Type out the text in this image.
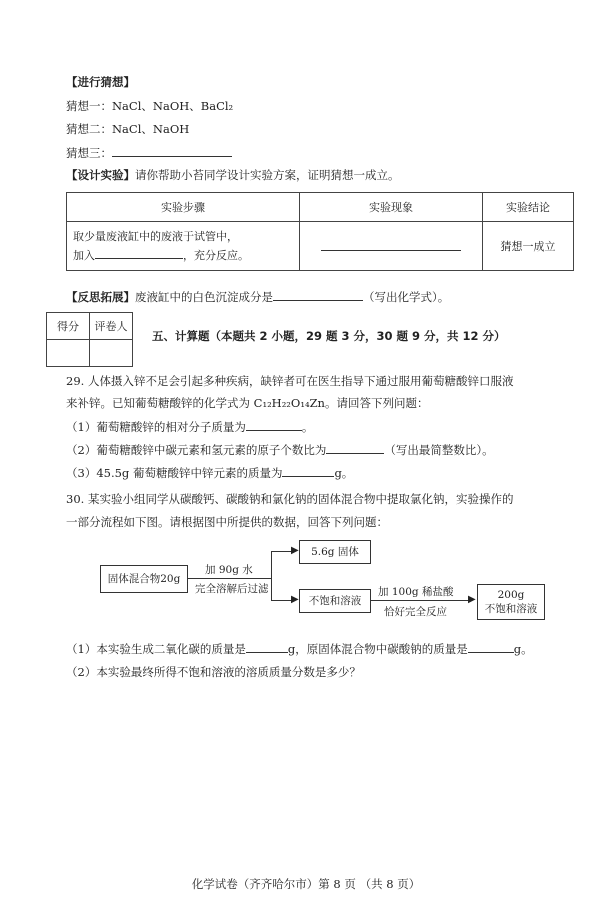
【进行猜想】
猜想一：NaCl、NaOH、BaCl₂
猜想二：NaCl、NaOH
猜想三：
【设计实验】请你帮助小苔同学设计实验方案，证明猜想一成立。
实验步骤	实验现象	实验结论

取少量废液缸中的废液于试管中，
加入 ，充分反应。		猜想一成立
【反思拓展】废液缸中的白色沉淀成分是	（写出化学式）。
得分	评卷人

五、计算题（本题共 2 小题，29 题 3 分，30 题 9 分，共 12 分）
29. 人体摄入锌不足会引起多种疾病，缺锌者可在医生指导下通过服用葡萄糖酸锌口服液
来补锌。已知葡萄糖酸锌的化学式为 C₁₂H₂₂O₁₄Zn。请回答下列问题：
（1）葡萄糖酸锌的相对分子质量为	。
（2）葡萄糖酸锌中碳元素和氢元素的原子个数比为	（写出最简整数比）。
（3）45.5g 葡萄糖酸锌中锌元素的质量为	g。
30. 某实验小组同学从碳酸钙、碳酸钠和氯化钠的固体混合物中提取氯化钠，实验操作的
一部分流程如下图。请根据图中所提供的数据，回答下列问题：
固体混合物20g
加 90g 水
完全溶解后过滤
▶
▶
5.6g 固体
不饱和溶液	▶
加 100g 稀盐酸
恰好完全反应
200g
不饱和溶液
（1）本实验生成二氧化碳的质量是	g，原固体混合物中碳酸钠的质量是	g。
（2）本实验最终所得不饱和溶液的溶质质量分数是多少？
化学试卷（齐齐哈尔市）第 8 页 （共 8 页）
